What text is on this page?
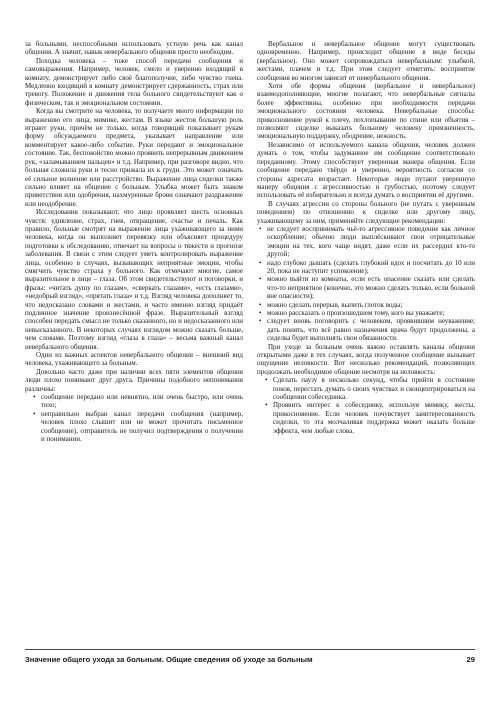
за больными, неспособными использовать устную речь как канал общения. А значит, навык невербального общения просто необходим.

Походка человека – тоже способ передачи сообщения и самовыражения. Например, человек, смело и уверенно входящий в комнату, демонстрирует либо своё благополучие, либо чувство гнева. Медленно входящий в комнату демонстрирует сдержанность, страх или тревогу. Положение и движения тела больного свидетельствуют как о физическом, так и эмоциональном состоянии.

Когда вы смотрите на человека, то получаете много информации по выражению его лица, мимике, жестам. В языке жестов большую роль играют руки, причём не только, когда говорящий показывает рукам форму обсуждаемого предмета, указывает направление или комментирует какое-либо событие. Руки передают и эмоциональное состояние. Так, беспокойство можно проявить непрерывным движением рук, «заламыванием пальцев» и т.д. Например, при разговоре видно, что больная сложила руки и тесно прижала их к груди. Это может означать её сильное волнение или расстройство. Выражение лица сиделки также сильно влияет на общение с больным. Улыбка может быть знаком приветствия или одобрения, нахмуренные брови означают раздражение или неодобрение.

Исследования показывают, что лицо проявляет шесть основных чувств: удивление, страх, гнев, отвращение, счастье и печаль. Как правило, больные смотрят на выражение лица ухаживающего за ними человека, когда он выполняет перевязку или объясняет процедуру подготовки к обследованию, отвечает на вопросы о тяжести и прогнозе заболевания. В связи с этим следует уметь контролировать выражение лица, особенно в случаях, вызывающих неприятные эмоции, чтобы смягчить чувство страха у больного. Как отмечают многие, самое выразительное в лице – глаза. Об этом свидетельствуют и поговорки, и фразы: «читать душу по глазам», «сверкать глазами», «есть глазами», «недобрый взгляд», «прятать глаза» и т.д. Взгляд человека дополняет то, что недосказано словами и жестами, и часто именно взгляд придаёт подлинное значение произнесённой фразе. Выразительный взгляд способен передать смысл не только сказанного, но и недосказанного или невысказанного. В некоторых случаях взглядом можно сказать больше, чем словами. Поэтому взгляд «глаза в глаза» – весьма важный канал невербального общения.

Один из важных аспектов невербального общения – внешний вид человека, ухаживающего за больным.

Довольно часто даже при наличии всех пяти элементов общения люди плохо понимают друг друга. Причины подобного непонимания различны:

• сообщение передано или невнятно, или очень быстро, или очень тихо;
• неправильно выбран канал передачи сообщения (например, человек плохо слышит или не может прочитать письменное сообщение), отправитель не получил подтверждения о получении и понимании.

Вербальное и невербальное общение могут существовать одновременно. Например, происходит общение в виде беседы (вербальное). Оно может сопровождаться невербальным: улыбкой, жестами, плачем и т.д. При этом следует отметить: восприятие сообщения во многом зависит от невербального общения.

Хотя обе формы общения (вербальное и невербальное) взаимодополняющие, многие полагают, что невербальные сигналы более эффективны, особенно при необходимости передачи эмоционального состояния человека. Невербальные способы: прикосновение рукой к плечу, похлопывание по спине или объятия – позволяют сиделке выказать больному человеку приязненность, эмоциональную поддержку, ободрение, нежность.

Независимо от используемого канала общения, человек должен думать о том, чтобы задуманное им сообщение соответствовало переданному. Этому способствует уверенная манера общения. Если сообщение передано твёрдо и уверенно, вероятность согласия со стороны адресата возрастает. Некоторые люди путают уверенную манеру общения с агрессивностью и грубостью, поэтому следует использовать её избирательно и всегда думать о восприятии её другими.

В случаях агрессии со стороны больного (не путать с уверенным поведением) по отношению к сиделке или другому лицу, ухаживающему за ним, применяйте следующие рекомендации:

• не следует воспринимать чьё-то агрессивное поведение как личное оскорбление; обычно люди выплёскивают свои отрицательные эмоции на тех, кого чаще видят, даже если их рассердил кто-то другой;
• надо глубоко дышать (сделать глубокий вдох и посчитать до 10 или 20, пока не наступит успокоение);
• можно выйти из комнаты, если есть опасение сказать или сделать что-то неприятное (конечно, это можно сделать только, если больной вне опасности);
• можно сделать перерыв, выпить глоток воды;
• можно рассказать о произошедшем тому, кого вы уважаете;
• следует вновь поговорить с человеком, проявившим неуважение; дать понять, что всё равно назначения врача будут продолжены, а сиделка будет выполнять свои обязанности.

При уходе за больным очень важно оставлять каналы общения открытыми даже в тех случаях, когда полученное сообщение вызывает ощущение неловкости. Вот несколько рекомендаций, позволяющих продолжать необходимое общение несмотря на неловкость:

• Сделать паузу в несколько секунд, чтобы прийти в состояние покоя, перестать думать о своих чувствах и сконцентрироваться на сообщении собеседника.
• Проявить интерес к собеседнику, используя мимику, жесты, прикосновение. Если человек почувствует заинтересованность сиделки, то эта молчаливая поддержка может оказать больше эффекта, чем любые слова.
Значение общего ухода за больным. Общие сведения об уходе за больным	29
